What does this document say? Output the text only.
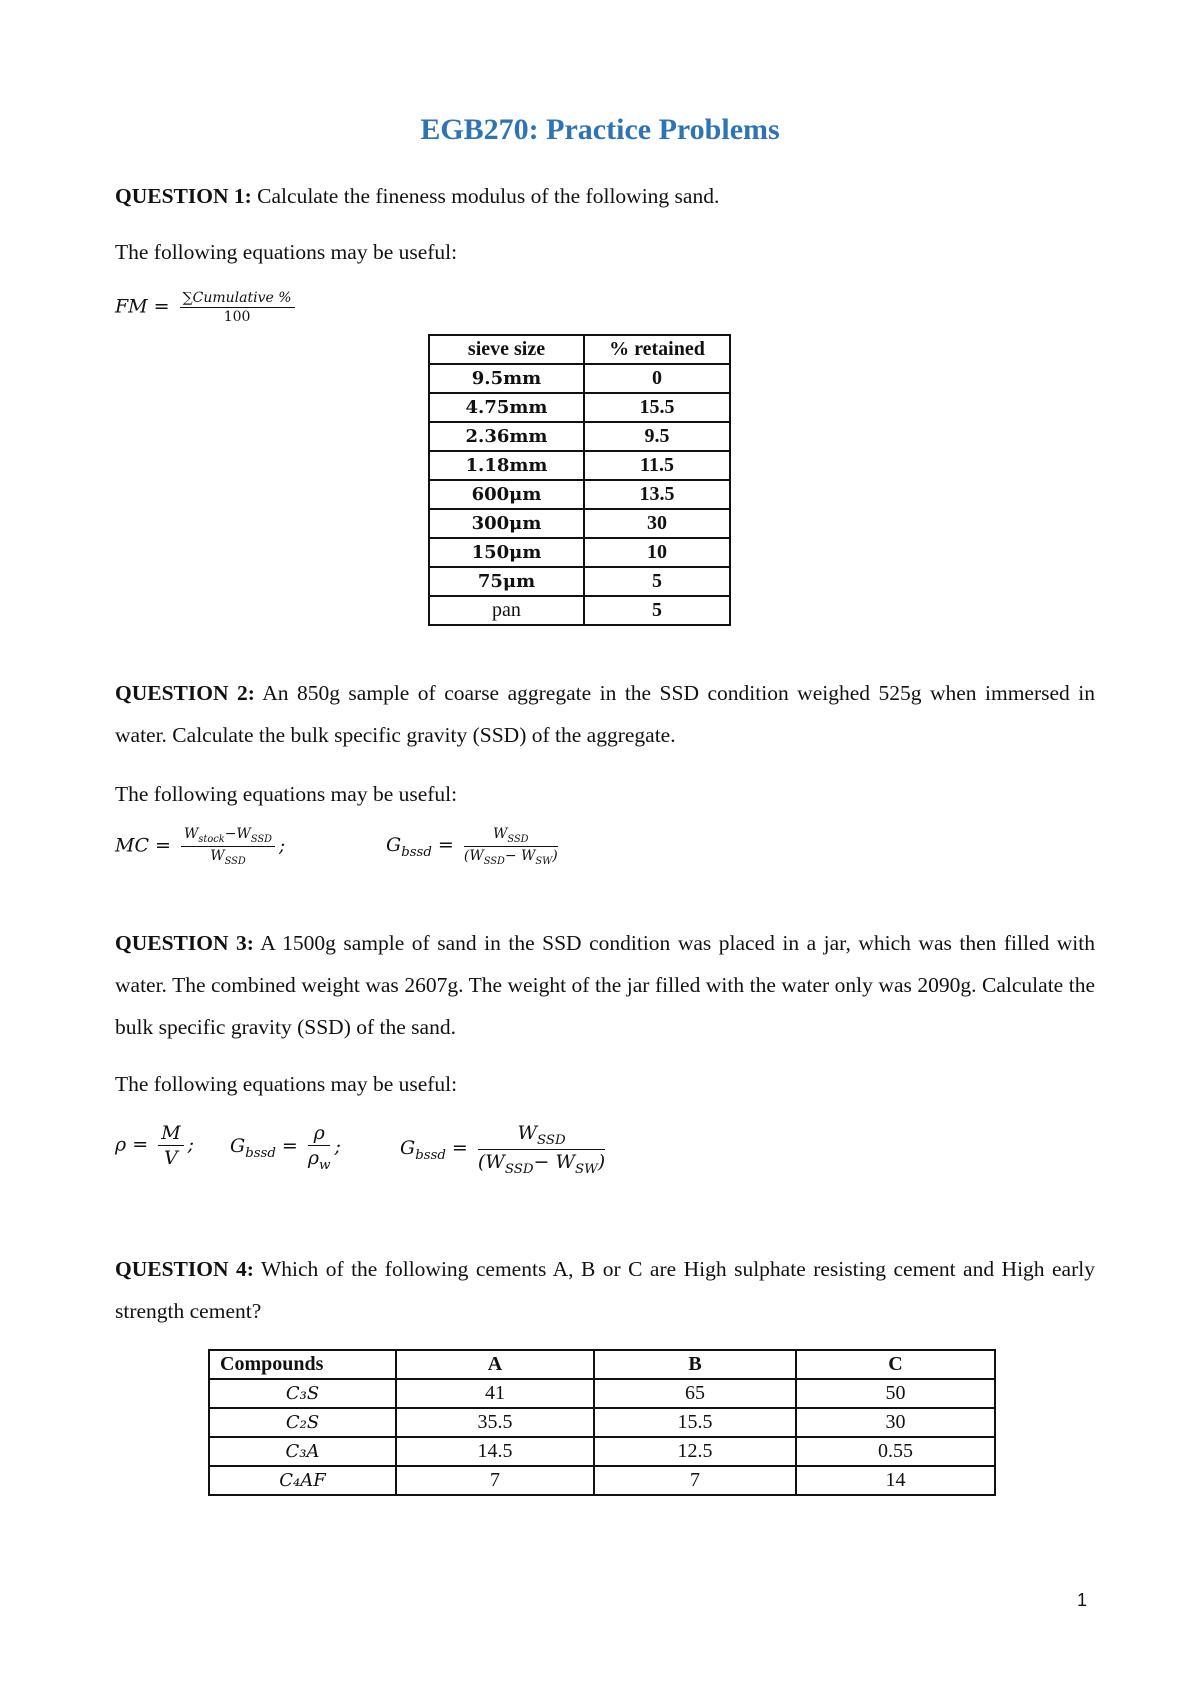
EGB270: Practice Problems
QUESTION 1: Calculate the fineness modulus of the following sand.
The following equations may be useful:
FM = $\frac{\text{∑Cumulative \%}}{100}$
sieve size	% retained
9.5mm	0
4.75mm	15.5
2.36mm	9.5
1.18mm	11.5
600μm	13.5
300μm	30
150μm	10
75μm	5
pan	5
QUESTION 2: An 850g sample of coarse aggregate in the SSD condition weighed 525g when immersed in water. Calculate the bulk specific gravity (SSD) of the aggregate.
The following equations may be useful:
MC = $\frac{W_{stock}-W_{SSD}}{W_{SSD}}$ ;	$G_{bssd} = \frac{W_{SSD}}{(W_{SSD}- W_{SW})}$
QUESTION 3: A 1500g sample of sand in the SSD condition was placed in a jar, which was then filled with water. The combined weight was 2607g. The weight of the jar filled with the water only was 2090g. Calculate the bulk specific gravity (SSD) of the sand.
The following equations may be useful:
$\rho = \frac{M}{V}$ ; $G_{bssd} = \frac{\rho}{\rho_w}$ ;	$G_{bssd} = \frac{W_{SSD}}{(W_{SSD}- W_{SW})}$
QUESTION 4: Which of the following cements A, B or C are High sulphate resisting cement and High early strength cement?
Compounds	A	B	C
C₃S	41	65	50
C₂S	35.5	15.5	30
C₃A	14.5	12.5	0.55
C₄AF	7	7	14
1
